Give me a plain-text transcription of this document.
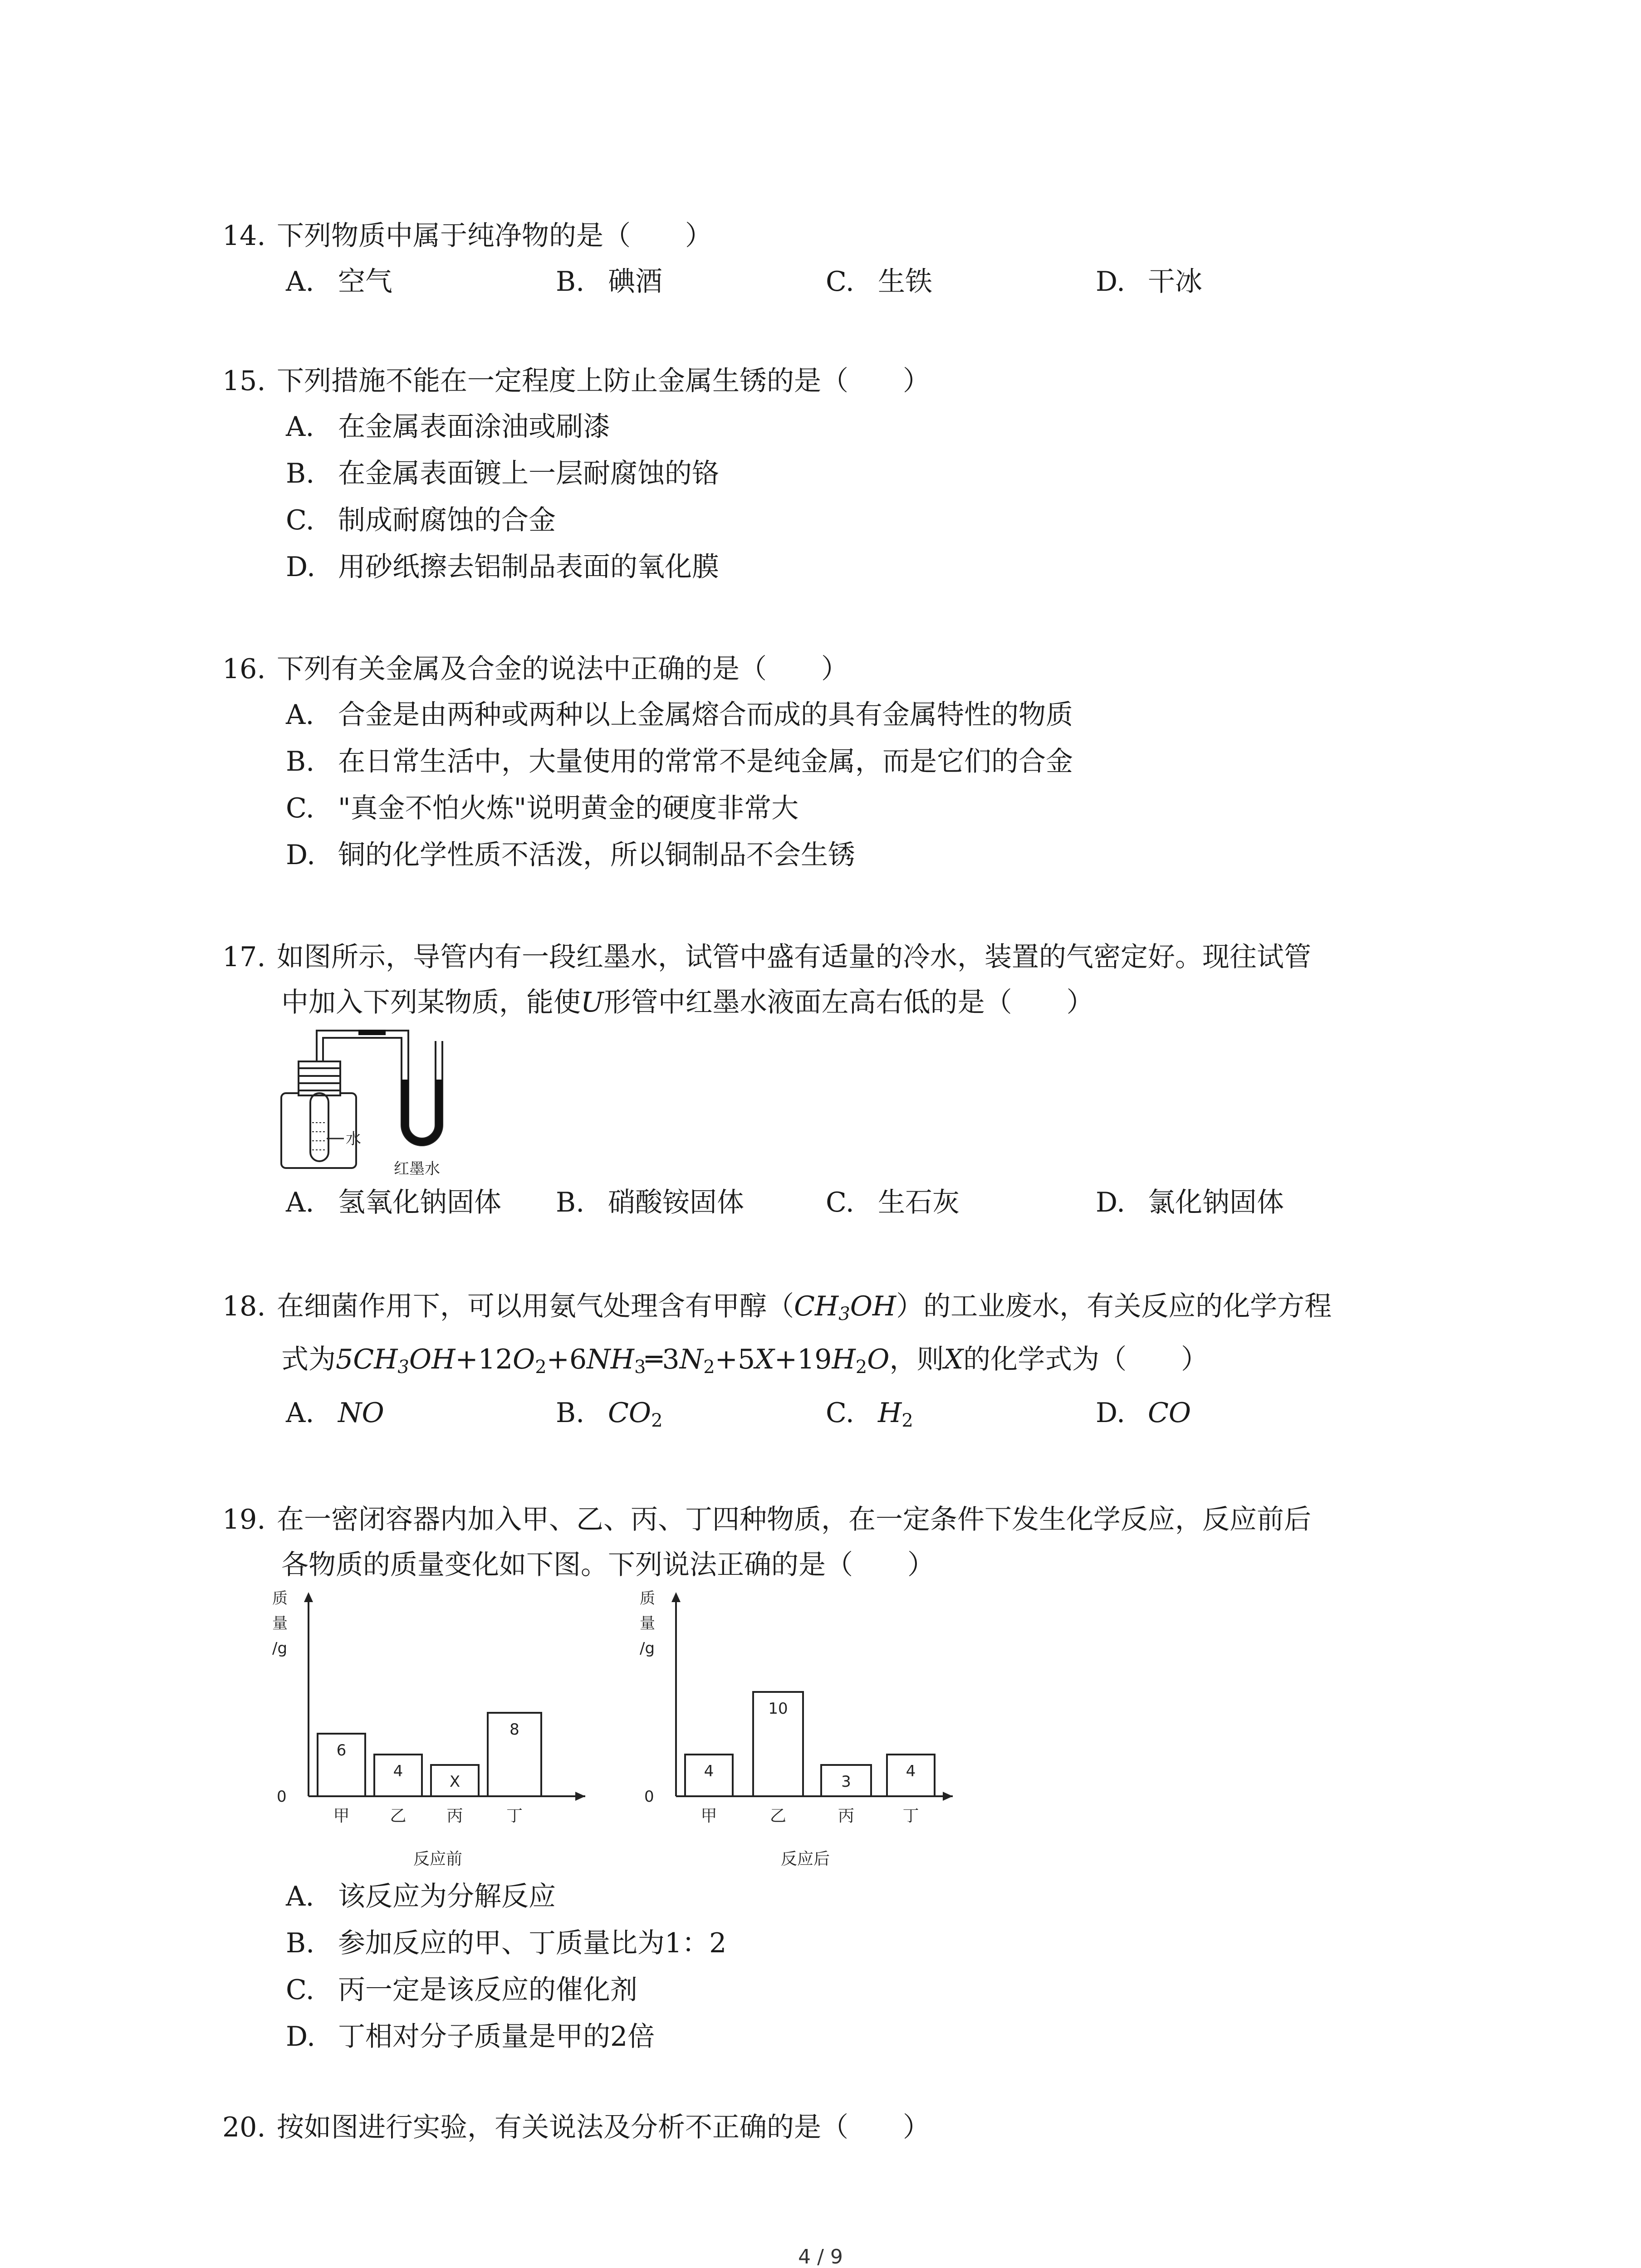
14. 下列物质中属于纯净物的是（　　）
A. 空气	B. 碘酒	C. 生铁	D. 干冰
15. 下列措施不能在一定程度上防止金属生锈的是（　　）
A. 在金属表面涂油或刷漆
B. 在金属表面镀上一层耐腐蚀的铬
C. 制成耐腐蚀的合金
D. 用砂纸擦去铝制品表面的氧化膜
16. 下列有关金属及合金的说法中正确的是（　　）
A. 合金是由两种或两种以上金属熔合而成的具有金属特性的物质
B. 在日常生活中，大量使用的常常不是纯金属，而是它们的合金
C. "真金不怕火炼"说明黄金的硬度非常大
D. 铜的化学性质不活泼，所以铜制品不会生锈
17. 如图所示，导管内有一段红墨水，试管中盛有适量的冷水，装置的气密定好。现往试管
中加入下列某物质，能使U形管中红墨水液面左高右低的是（　　）
水
红墨水
A. 氢氧化钠固体	B. 硝酸铵固体	C. 生石灰	D. 氯化钠固体
18. 在细菌作用下，可以用氨气处理含有甲醇$(CH_3OH)$的工业废水，有关反应的化学方程
式为$5CH_3OH+12O_2+6NH_3═3N_2+5X+19H_2O$，则X的化学式为（　　）
A. NO	B. $CO_2$	C. $H_2$	D. CO
19. 在一密闭容器内加入甲、乙、丙、丁四种物质，在一定条件下发生化学反应，反应前后
各物质的质量变化如下图。下列说法正确的是（　　）
质
量
/g
0
6
甲
4
乙
X
丙
8
丁
反应前
质
量
/g
0
4
甲
10
乙
3
丙
4
丁
反应后
A. 该反应为分解反应
B. 参加反应的甲、丁质量比为1：2
C. 丙一定是该反应的催化剂
D. 丁相对分子质量是甲的2倍
20. 按如图进行实验，有关说法及分析不正确的是（　　）
4 / 9
